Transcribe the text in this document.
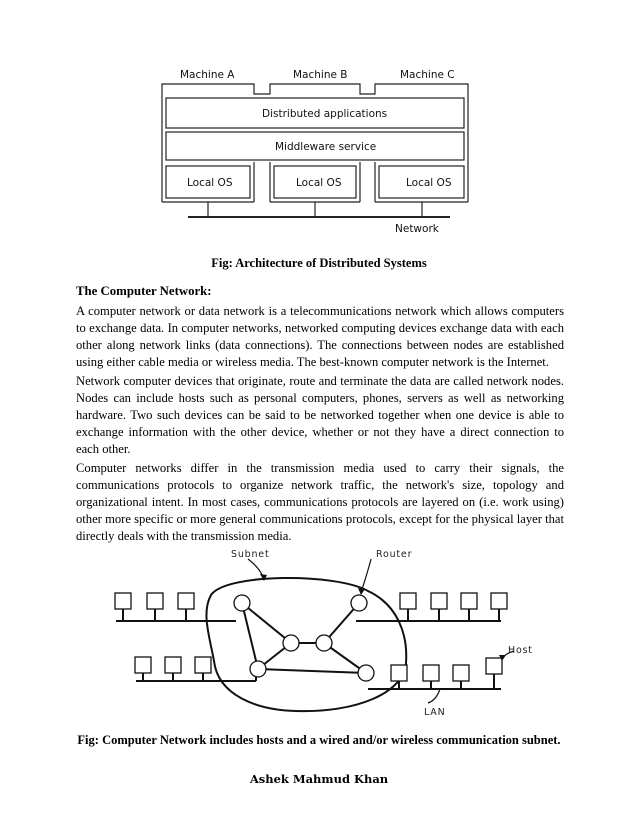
Machine A	Machine B	Machine C
Distributed applications
Middleware service
Local OS	Local OS	Local OS
Network
Fig: Architecture of Distributed Systems
The Computer Network:
A computer network or data network is a telecommunications network which allows computers to exchange data. In computer networks, networked computing devices exchange data with each other along network links (data connections). The connections between nodes are established using either cable media or wireless media. The best-known computer network is the Internet.
Network computer devices that originate, route and terminate the data are called network nodes. Nodes can include hosts such as personal computers, phones, servers as well as networking hardware. Two such devices can be said to be networked together when one device is able to exchange information with the other device, whether or not they have a direct connection to each other.
Computer networks differ in the transmission media used to carry their signals, the communications protocols to organize network traffic, the network's size, topology and organizational intent. In most cases, communications protocols are layered on (i.e. work using) other more specific or more general communications protocols, except for the physical layer that directly deals with the transmission media.
Subnet	Router
Host
LAN
Fig: Computer Network includes hosts and a wired and/or wireless communication subnet.
Ashek Mahmud Khan
